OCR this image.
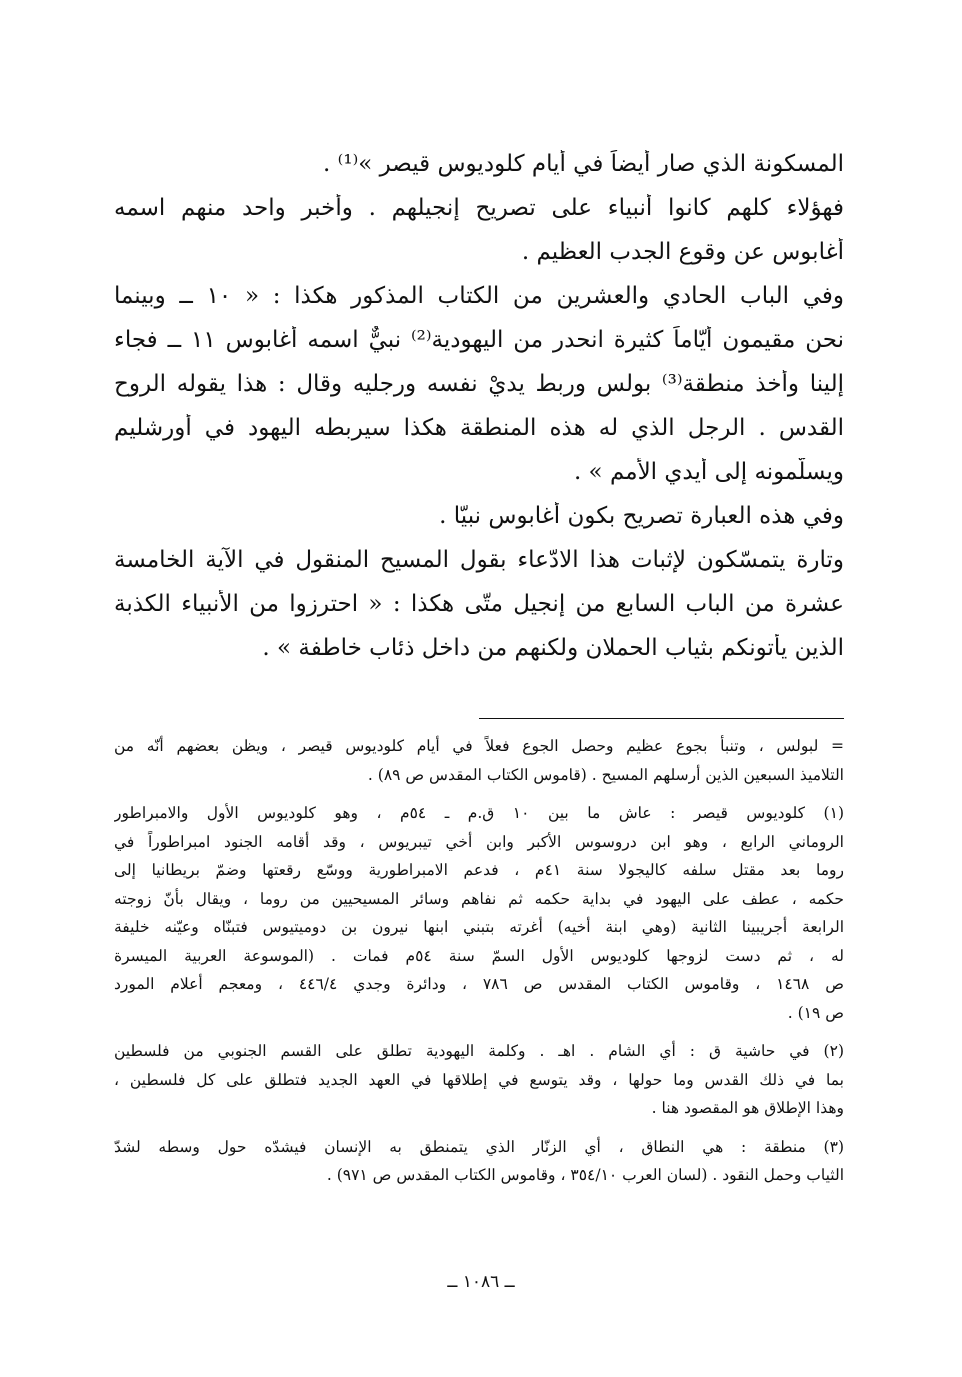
المسكونة الذي صار أيضاً في أيام كلوديوس قيصر »⁽¹⁾ .
فهؤلاء كلهم كانوا أنبياء على تصريح إنجيلهم . وأخبر واحد منهم اسمه
أغابوس عن وقوع الجدب العظيم .
وفي الباب الحادي والعشرين من الكتاب المذكور هكذا : « ١٠ ــ وبينما
نحن مقيمون أيّاماً كثيرة انحدر من اليهودية⁽²⁾ نبيٌّ اسمه أغابوس ١١ ــ فجاء
إلينا وأخذ منطقة⁽³⁾ بولس وربط يديْ نفسه ورجليه وقال : هذا يقوله الروح
القدس . الرجل الذي له هذه المنطقة هكذا سيربطه اليهود في أورشليم
ويسلّمونه إلى أيدي الأمم » .
وفي هذه العبارة تصريح بكون أغابوس نبيّا .
وتارة يتمسّكون لإثبات هذا الادّعاء بقول المسيح المنقول في الآية الخامسة
عشرة من الباب السابع من إنجيل متّى هكذا : « احترزوا من الأنبياء الكذبة
الذين يأتونكم بثياب الحملان ولكنهم من داخل ذئاب خاطفة » .
= لبولس ، وتنبأ بجوع عظيم وحصل الجوع فعلاً في أيام كلوديوس قيصر ، ويظن بعضهم أنّه من
التلاميذ السبعين الذين أرسلهم المسيح . (قاموس الكتاب المقدس ص ٨٩) .
(١) كلوديوس قيصر : عاش ما بين ١٠ ق.م ـ ٥٤م ، وهو كلوديوس الأول والامبراطور
الروماني الرابع ، وهو ابن دروسوس الأكبر وابن أخي تيبريوس ، وقد أقامه الجنود امبراطوراً في
روما بعد مقتل سلفه كاليجولا سنة ٤١م ، فدعم الامبراطورية ووسّع رقعتها وضمّ بريطانيا إلى
حكمه ، عطف على اليهود في بداية حكمه ثم نفاهم وسائر المسيحيين من روما ، ويقال بأنّ زوجته
الرابعة أجريبينا الثانية (وهي ابنة أخيه) أغرته بتبني ابنها نيرون بن دوميتيوس فتبنّاه وعيّنه خليفة
له ، ثم دست لزوجها كلوديوس الأول السمّ سنة ٥٤م فمات . (الموسوعة العربية الميسرة
ص ١٤٦٨ ، وقاموس الكتاب المقدس ص ٧٨٦ ، ودائرة وجدي ٤٤٦/٤ ، ومعجم أعلام المورد
ص ١٩) .
(٢) في حاشية ق : أي الشام . اهـ . وكلمة اليهودية تطلق على القسم الجنوبي من فلسطين
بما في ذلك القدس وما حولها ، وقد يتوسع في إطلاقها في العهد الجديد فتطلق على كل فلسطين ،
وهذا الإطلاق هو المقصود هنا .
(٣) منطقة : هي النطاق ، أي الزنّار الذي يتمنطق به الإنسان فيشدّه حول وسطه لشدّ
الثياب وحمل النقود . (لسان العرب ٣٥٤/١٠ ، وقاموس الكتاب المقدس ص ٩٧١) .
ــ ١٠٨٦ ــ
